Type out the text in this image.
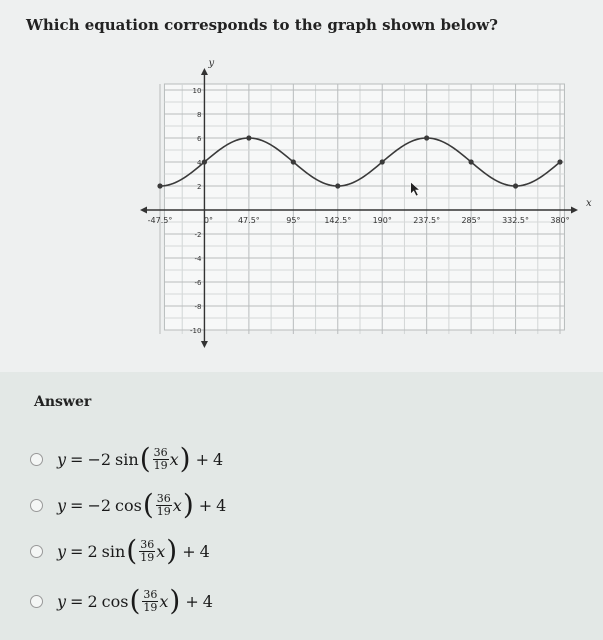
Which equation corresponds to the graph shown below?
x
y
-47.5°	0°	47.5°	95°	142.5°	190°	237.5°	285°	332.5°	380°
-10
-8
-6
-4
-2
2
4
6
8
10
Answer
y = − 2 sin ( $\frac{36}{19}$ x ) + 4
y = − 2 cos ( $\frac{36}{19}$ x ) + 4
y = 2 sin ( $\frac{36}{19}$ x ) + 4
y = 2 cos ( $\frac{36}{19}$ x ) + 4
